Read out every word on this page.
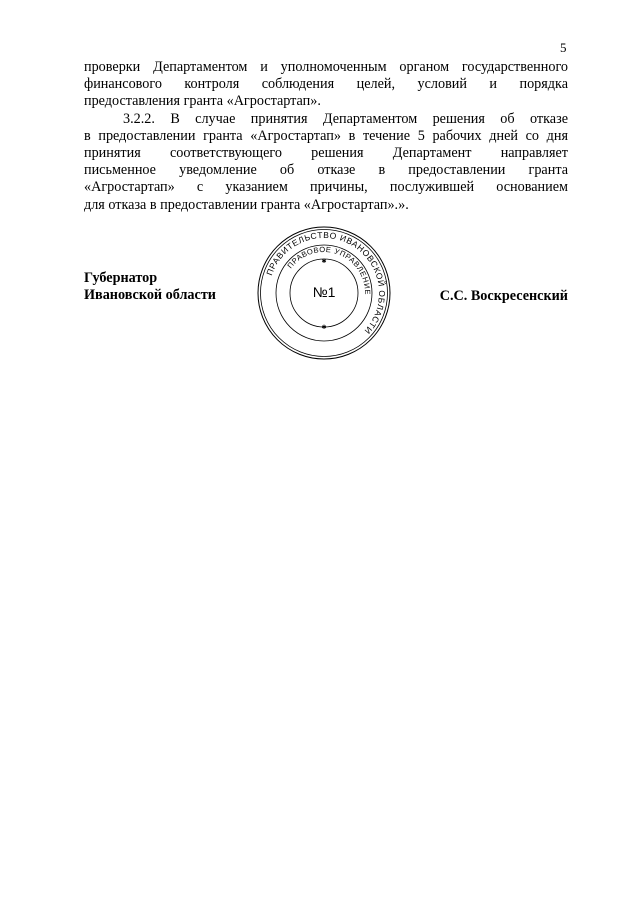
5
проверки Департаментом и уполномоченным органом государственного
финансового контроля соблюдения целей, условий и порядка
предоставления гранта «Агростартап».
3.2.2. В случае принятия Департаментом решения об отказе
в предоставлении гранта «Агростартап» в течение 5 рабочих дней со дня
принятия соответствующего решения Департамент направляет
письменное уведомление об отказе в предоставлении гранта
«Агростартап» с указанием причины, послужившей основанием
для отказа в предоставлении гранта «Агростартап».».
Губернатор
Ивановской области	С.С. Воскресенский
ПРАВИТЕЛЬСТВО ИВАНОВСКОЙ ОБЛАСТИ
ПРАВОВОЕ УПРАВЛЕНИЕ
№1
✱
✱
